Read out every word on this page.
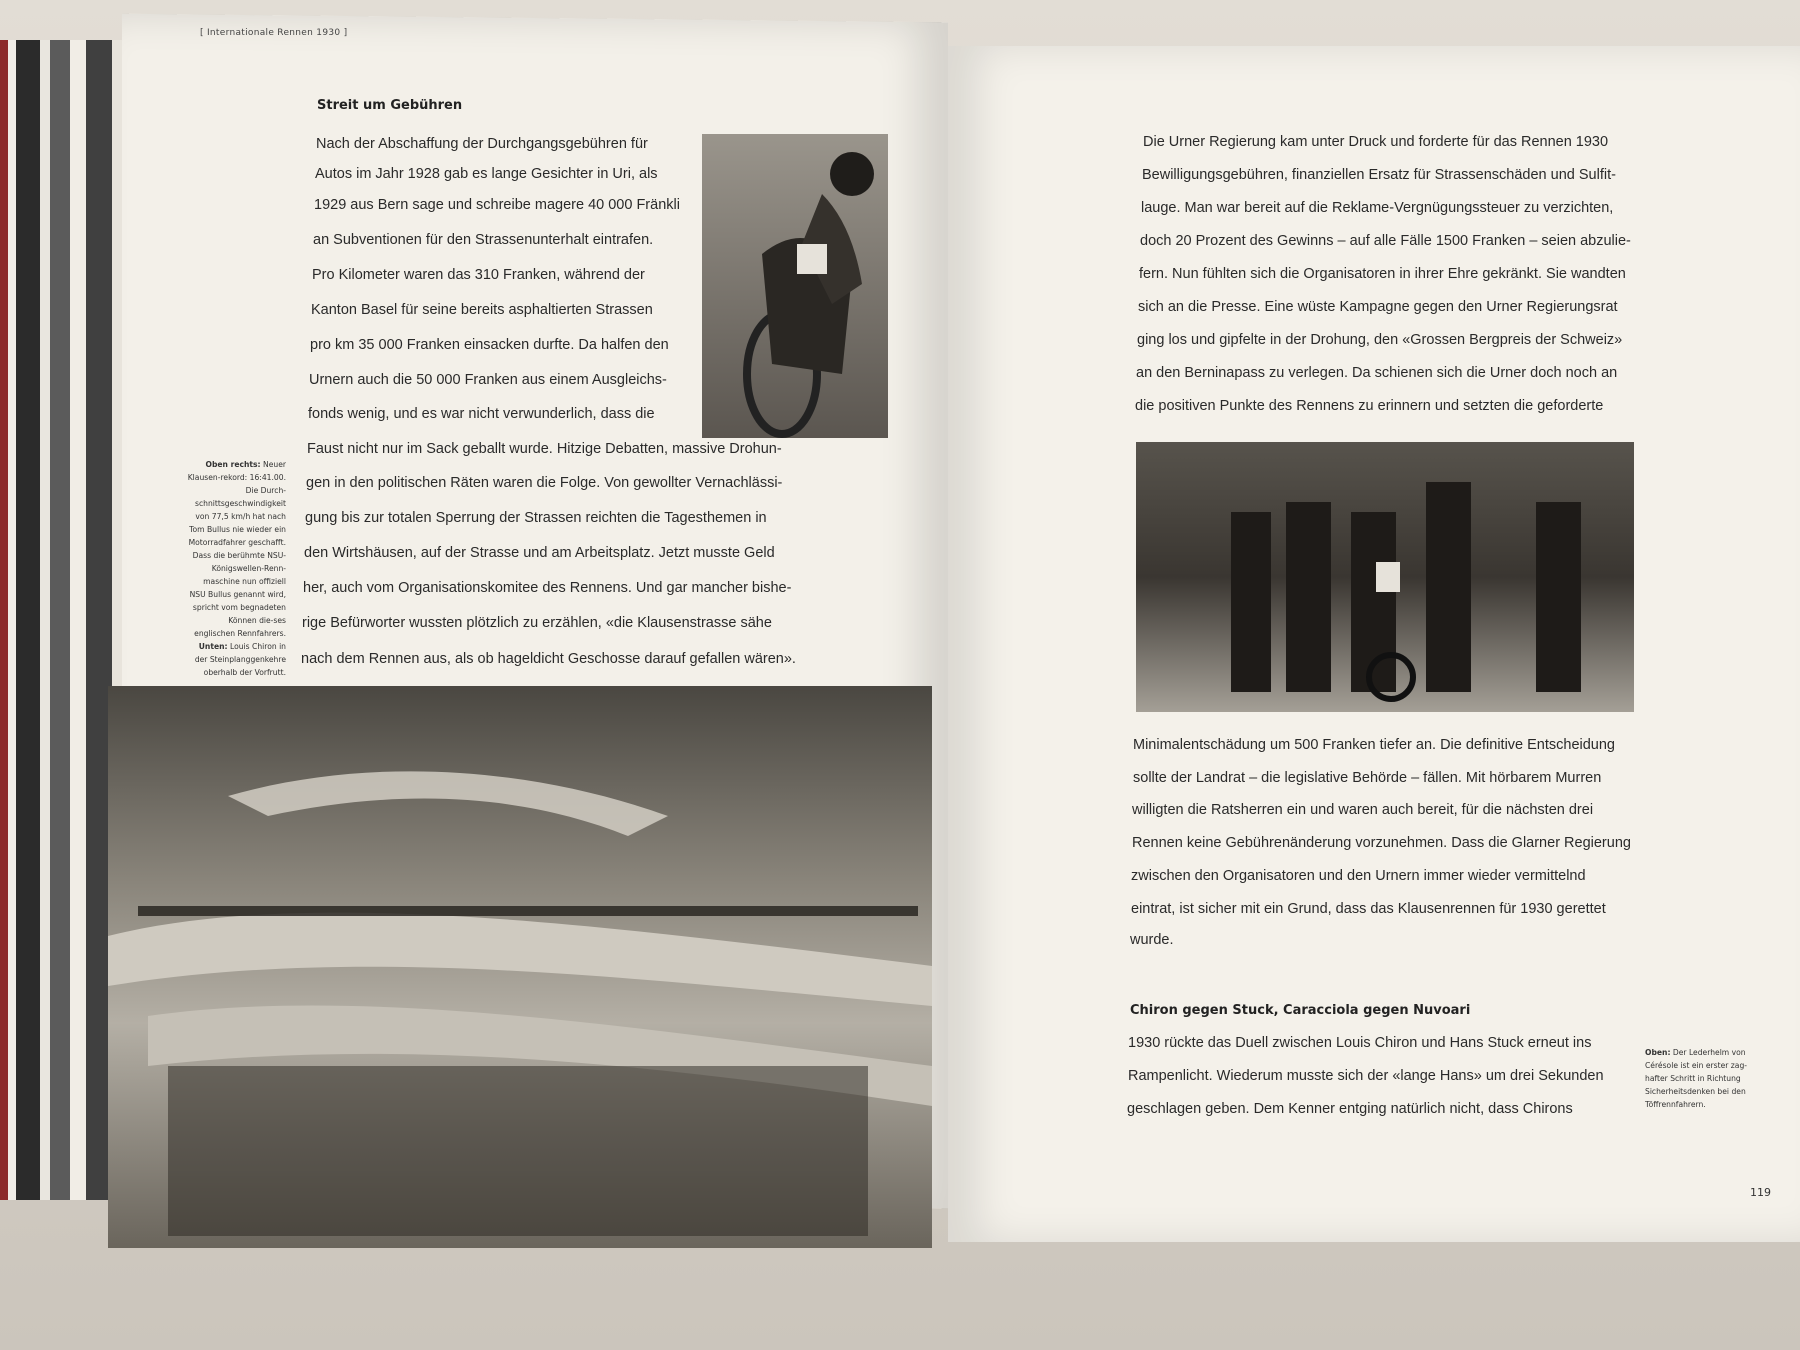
[ Internationale Rennen 1930 ]
Streit um Gebühren
Nach der Abschaffung der Durchgangsgebühren für
Autos im Jahr 1928 gab es lange Gesichter in Uri, als
1929 aus Bern sage und schreibe magere 40 000 Fränkli
an Subventionen für den Strassenunterhalt eintrafen.
Pro Kilometer waren das 310 Franken, während der
Kanton Basel für seine bereits asphaltierten Strassen
pro km 35 000 Franken einsacken durfte. Da halfen den
Urnern auch die 50 000 Franken aus einem Ausgleichs-
fonds wenig, und es war nicht verwunderlich, dass die
Faust nicht nur im Sack geballt wurde. Hitzige Debatten, massive Drohun-
gen in den politischen Räten waren die Folge. Von gewollter Vernachlässi-
gung bis zur totalen Sperrung der Strassen reichten die Tagesthemen in
den Wirtshäusen, auf der Strasse und am Arbeitsplatz. Jetzt musste Geld
her, auch vom Organisationskomitee des Rennens. Und gar mancher bishe-
rige Befürworter wussten plötzlich zu erzählen, «die Klausenstrasse sähe
nach dem Rennen aus, als ob hageldicht Geschosse darauf gefallen wären».
Oben rechts: Neuer Klausen-rekord: 16:41.00. Die Durch-schnittsgeschwindigkeit von 77,5 km/h hat nach Tom Bullus nie wieder ein Motorradfahrer geschafft. Dass die berühmte NSU-Königswellen-Renn-maschine nun offiziell NSU Bullus genannt wird, spricht vom begnadeten Können die-ses englischen Rennfahrers. Unten: Louis Chiron in der Steinplanggenkehre oberhalb der Vorfrutt.
Die Urner Regierung kam unter Druck und forderte für das Rennen 1930
Bewilligungsgebühren, finanziellen Ersatz für Strassenschäden und Sulfit-
lauge. Man war bereit auf die Reklame-Vergnügungssteuer zu verzichten,
doch 20 Prozent des Gewinns – auf alle Fälle 1500 Franken – seien abzulie-
fern. Nun fühlten sich die Organisatoren in ihrer Ehre gekränkt. Sie wandten
sich an die Presse. Eine wüste Kampagne gegen den Urner Regierungsrat
ging los und gipfelte in der Drohung, den «Grossen Bergpreis der Schweiz»
an den Berninapass zu verlegen. Da schienen sich die Urner doch noch an
die positiven Punkte des Rennens zu erinnern und setzten die geforderte
Minimalentschädung um 500 Franken tiefer an. Die definitive Entscheidung
sollte der Landrat – die legislative Behörde – fällen. Mit hörbarem Murren
willigten die Ratsherren ein und waren auch bereit, für die nächsten drei
Rennen keine Gebührenänderung vorzunehmen. Dass die Glarner Regierung
zwischen den Organisatoren und den Urnern immer wieder vermittelnd
eintrat, ist sicher mit ein Grund, dass das Klausenrennen für 1930 gerettet
wurde.
Chiron gegen Stuck, Caracciola gegen Nuvoari
1930 rückte das Duell zwischen Louis Chiron und Hans Stuck erneut ins
Rampenlicht. Wiederum musste sich der «lange Hans» um drei Sekunden
geschlagen geben. Dem Kenner entging natürlich nicht, dass Chirons
Oben: Der Lederhelm von Cérésole ist ein erster zag-hafter Schritt in Richtung Sicherheitsdenken bei den Töffrennfahrern.
119
